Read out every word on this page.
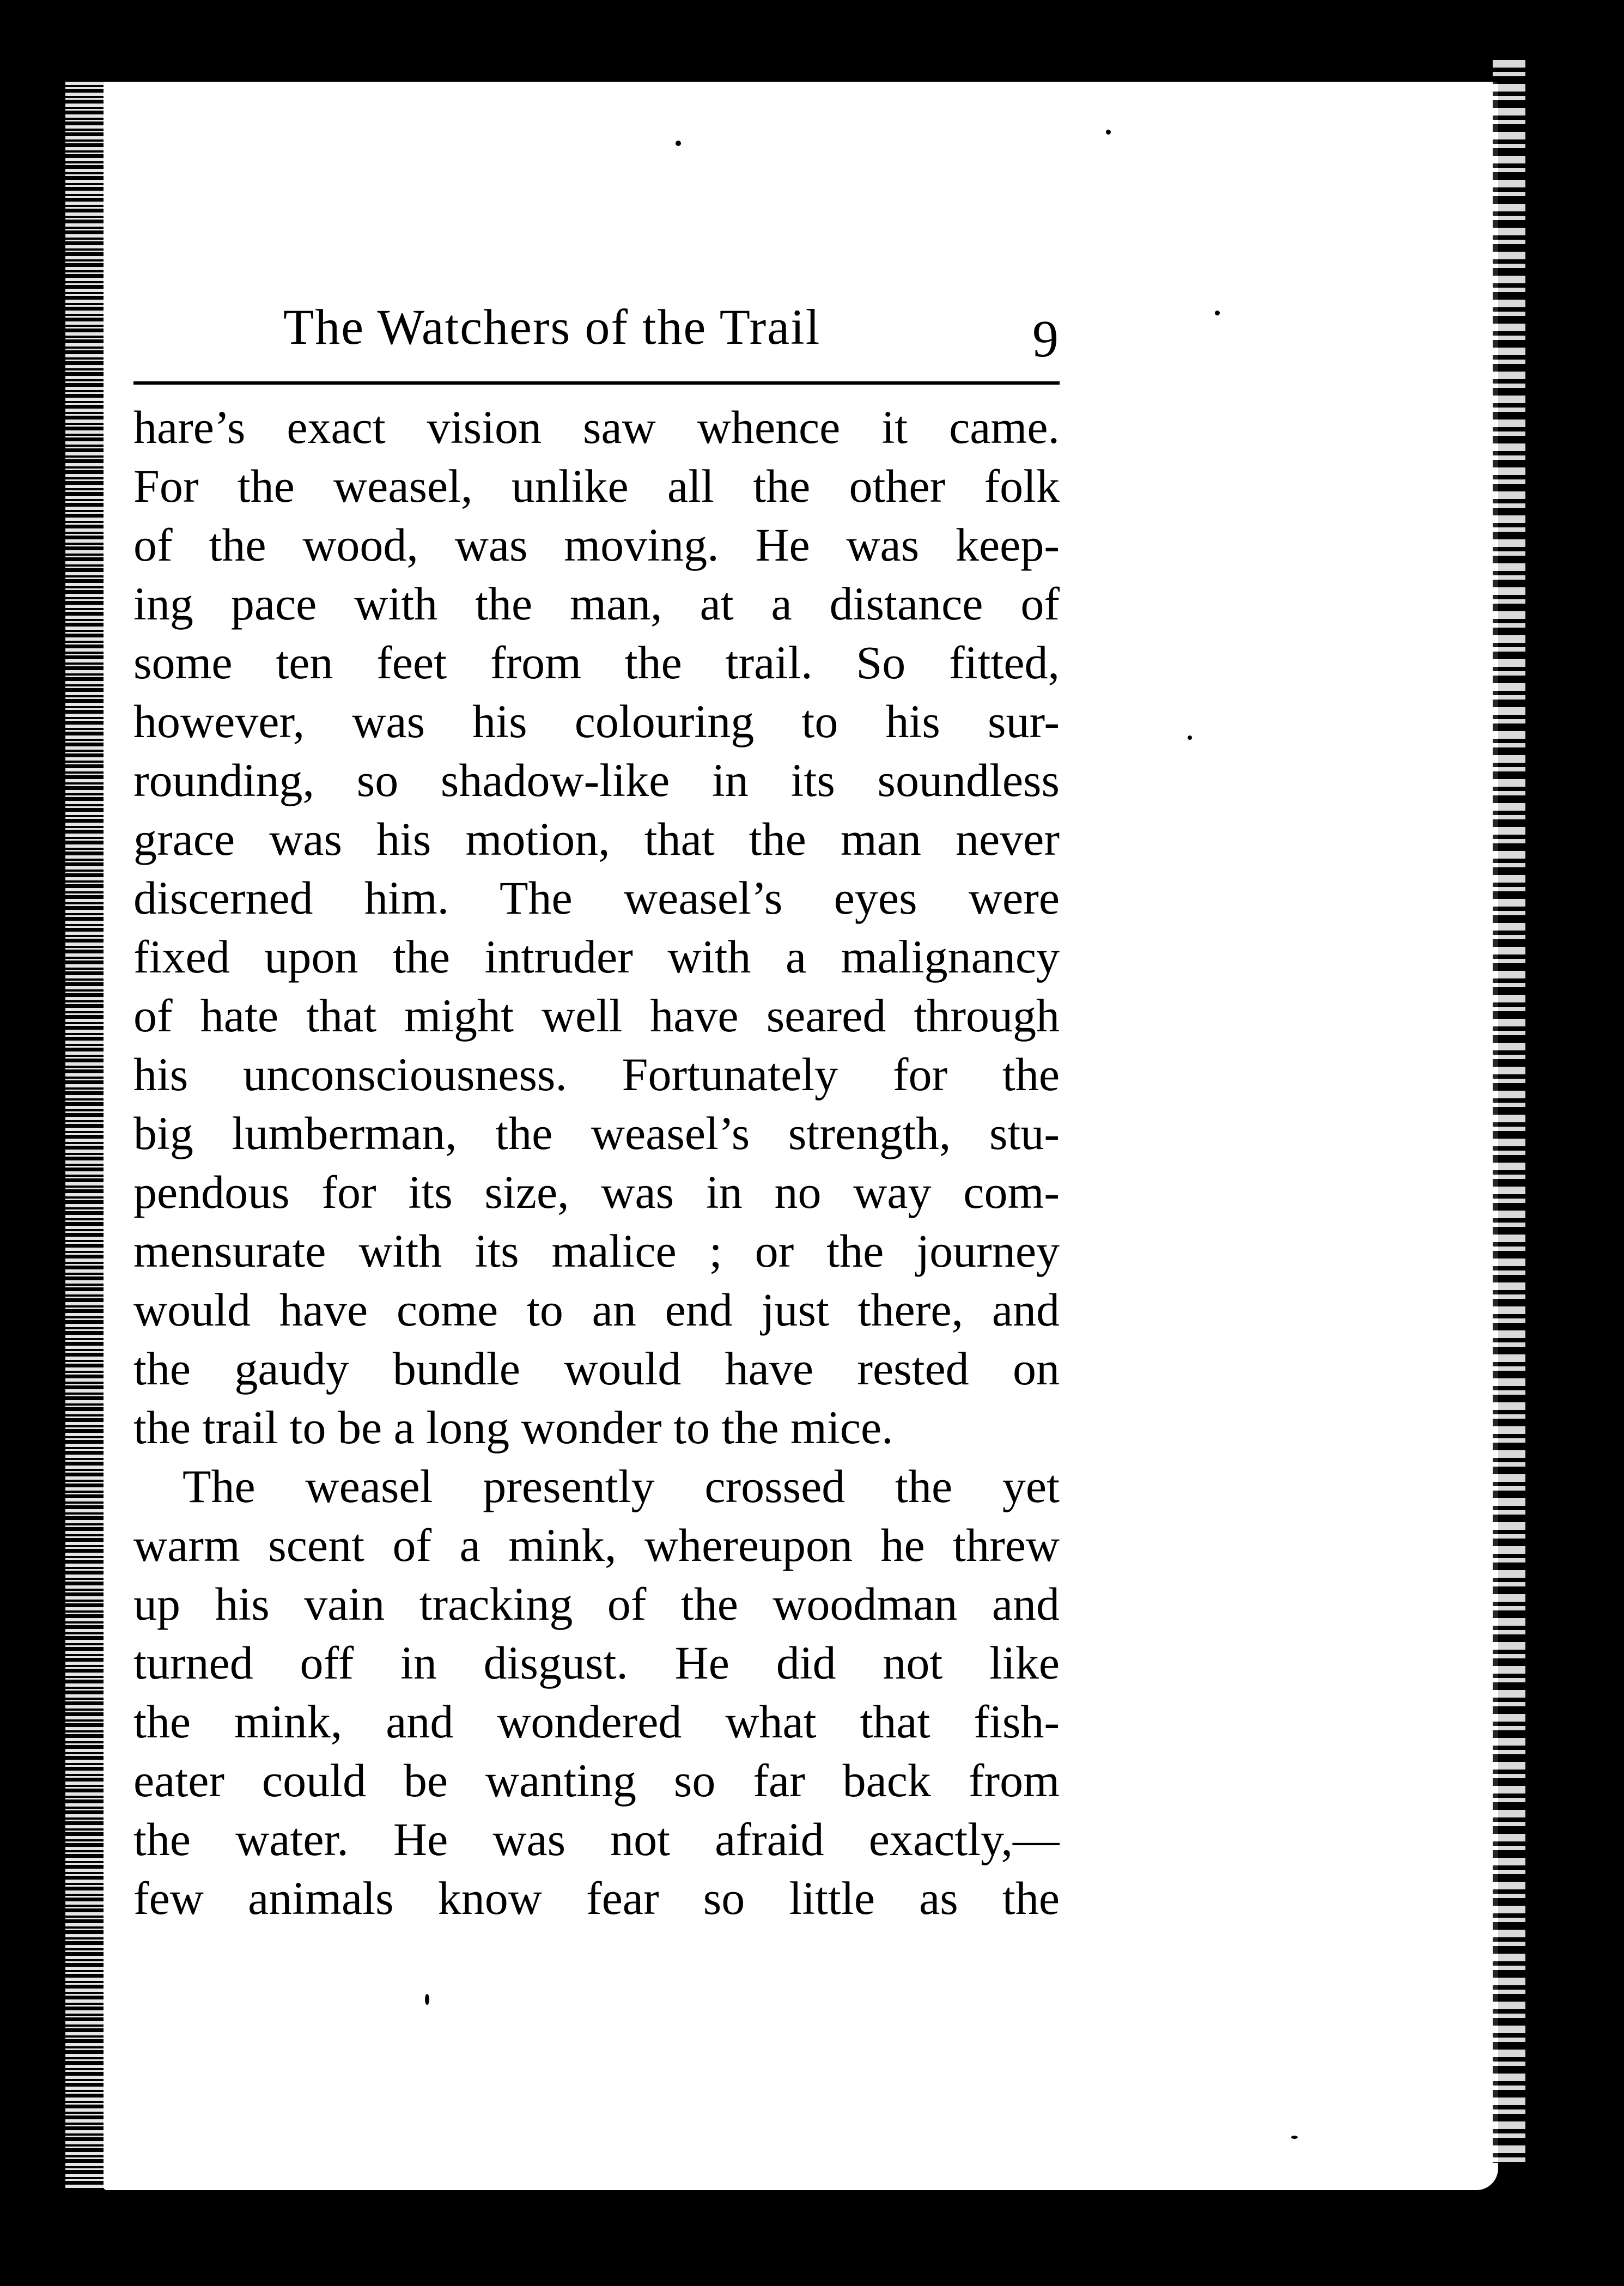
The Watchers of the Trail	9
hare’s exact vision saw whence it came.
For the weasel, unlike all the other folk
of the wood, was moving. He was keep-
ing pace with the man, at a distance of
some ten feet from the trail. So fitted,
however, was his colouring to his sur-
rounding, so shadow-like in its soundless
grace was his motion, that the man never
discerned him. The weasel’s eyes were
fixed upon the intruder with a malignancy
of hate that might well have seared through
his unconsciousness. Fortunately for the
big lumberman, the weasel’s strength, stu-
pendous for its size, was in no way com-
mensurate with its malice ; or the journey
would have come to an end just there, and
the gaudy bundle would have rested on
the trail to be a long wonder to the mice.
The weasel presently crossed the yet
warm scent of a mink, whereupon he threw
up his vain tracking of the woodman and
turned off in disgust. He did not like
the mink, and wondered what that fish-
eater could be wanting so far back from
the water. He was not afraid exactly,—
few animals know fear so little as the
